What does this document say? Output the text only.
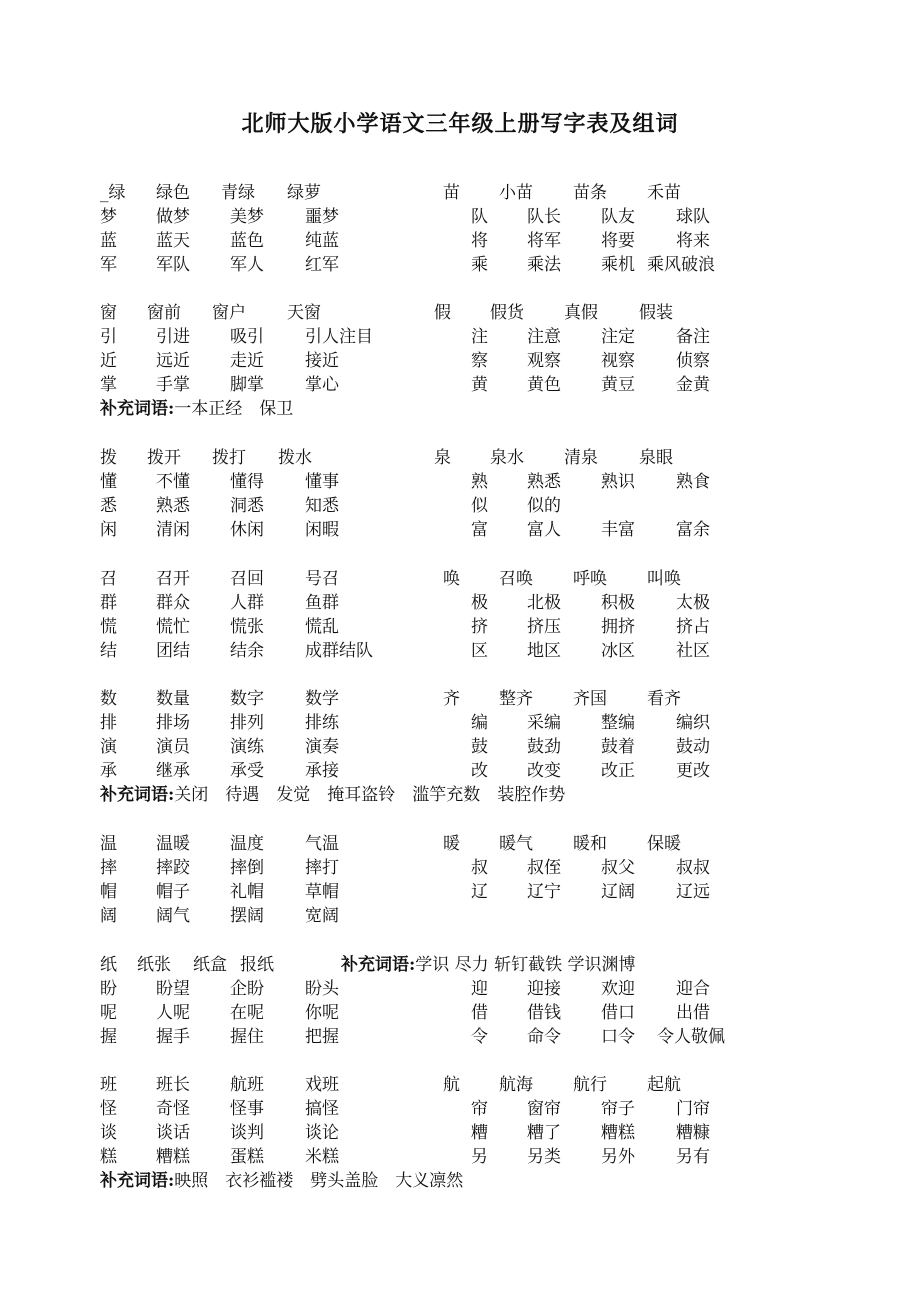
北师大版小学语文三年级上册写字表及组词
_绿 绿色 青绿 绿萝
梦 做梦 美梦 噩梦
蓝 蓝天 蓝色 纯蓝
军 军队 军人 红军
窗 窗前 窗户 天窗
引 引进 吸引 引人注目
近 远近 走近 接近
掌 手掌 脚掌 掌心
拨 拨开 拨打 拨水
懂 不懂 懂得 懂事
悉 熟悉 洞悉 知悉
闲 清闲 休闲 闲暇
召 召开 召回 号召
群 群众 人群 鱼群
慌 慌忙 慌张 慌乱
结 团结 结余 成群结队
数 数量 数字 数学
排 排场 排列 排练
演 演员 演练 演奏
承 继承 承受 承接
温 温暖 温度 气温
摔 摔跤 摔倒 摔打
帽 帽子 礼帽 草帽
阔 阔气 摆阔 宽阔
纸 纸张 纸盒 报纸
盼 盼望 企盼 盼头
呢 人呢 在呢 你呢
握 握手 握住 把握
班 班长 航班 戏班
怪 奇怪 怪事 搞怪
谈 谈话 谈判 谈论
糕 糟糕 蛋糕 米糕
苗 小苗 苗条 禾苗
队 队长 队友 球队
将 将军 将要 将来
乘 乘法 乘机 乘风破浪
假 假货 真假 假装
注 注意 注定 备注
察 观察 视察 侦察
黄 黄色 黄豆 金黄
泉 泉水 清泉 泉眼
熟 熟悉 熟识 熟食
似 似的
富 富人 丰富 富余
唤 召唤 呼唤 叫唤
极 北极 积极 太极
挤 挤压 拥挤 挤占
区 地区 冰区 社区
齐 整齐 齐国 看齐
编 采编 整编 编织
鼓 鼓劲 鼓着 鼓动
改 改变 改正 更改
暖 暖气 暖和 保暖
叔 叔侄 叔父 叔叔
辽 辽宁 辽阔 辽远
迎 迎接 欢迎 迎合
借 借钱 借口 出借
令 命令 口令 令人敬佩
航 航海 航行 起航
帘 窗帘 帘子 门帘
糟 糟了 糟糕 糟糠
另 另类 另外 另有
补充词语:一本正经　保卫
补充词语:关闭　待遇　发觉　掩耳盗铃　滥竽充数　装腔作势
补充词语:学识 尽力 斩钉截铁 学识渊博
补充词语:映照　衣衫褴褛　劈头盖脸　大义凛然
